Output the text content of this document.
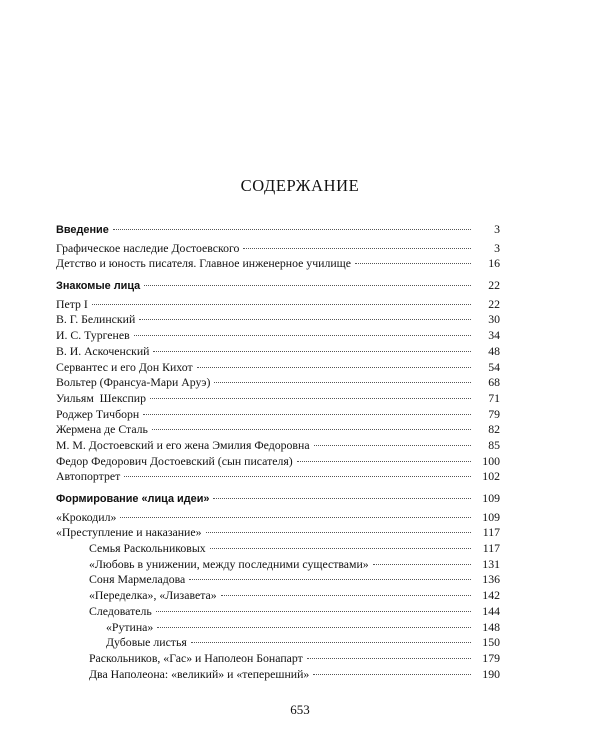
СОДЕРЖАНИЕ
Введение	3
Графическое наследие Достоевского	3
Детство и юность писателя. Главное инженерное училище	16
Знакомые лица	22
Петр I	22
В. Г. Белинский	30
И. С. Тургенев	34
В. И. Аскоченский	48
Сервантес и его Дон Кихот	54
Вольтер (Франсуа-Мари Аруэ)	68
Уильям  Шекспир	71
Роджер Тичборн	79
Жермена де Сталь	82
М. М. Достоевский и его жена Эмилия Федоровна	85
Федор Федорович Достоевский (сын писателя)	100
Автопортрет	102
Формирование «лица идеи»	109
«Крокодил»	109
«Преступление и наказание»	117
Семья Раскольниковых	117
«Любовь в унижении, между последними существами»	131
Соня Мармеладова	136
«Переделка», «Лизавета»	142
Следователь	144
«Рутина»	148
Дубовые листья	150
Раскольников, «Гас» и Наполеон Бонапарт	179
Два Наполеона: «великий» и «теперешний»	190
653
